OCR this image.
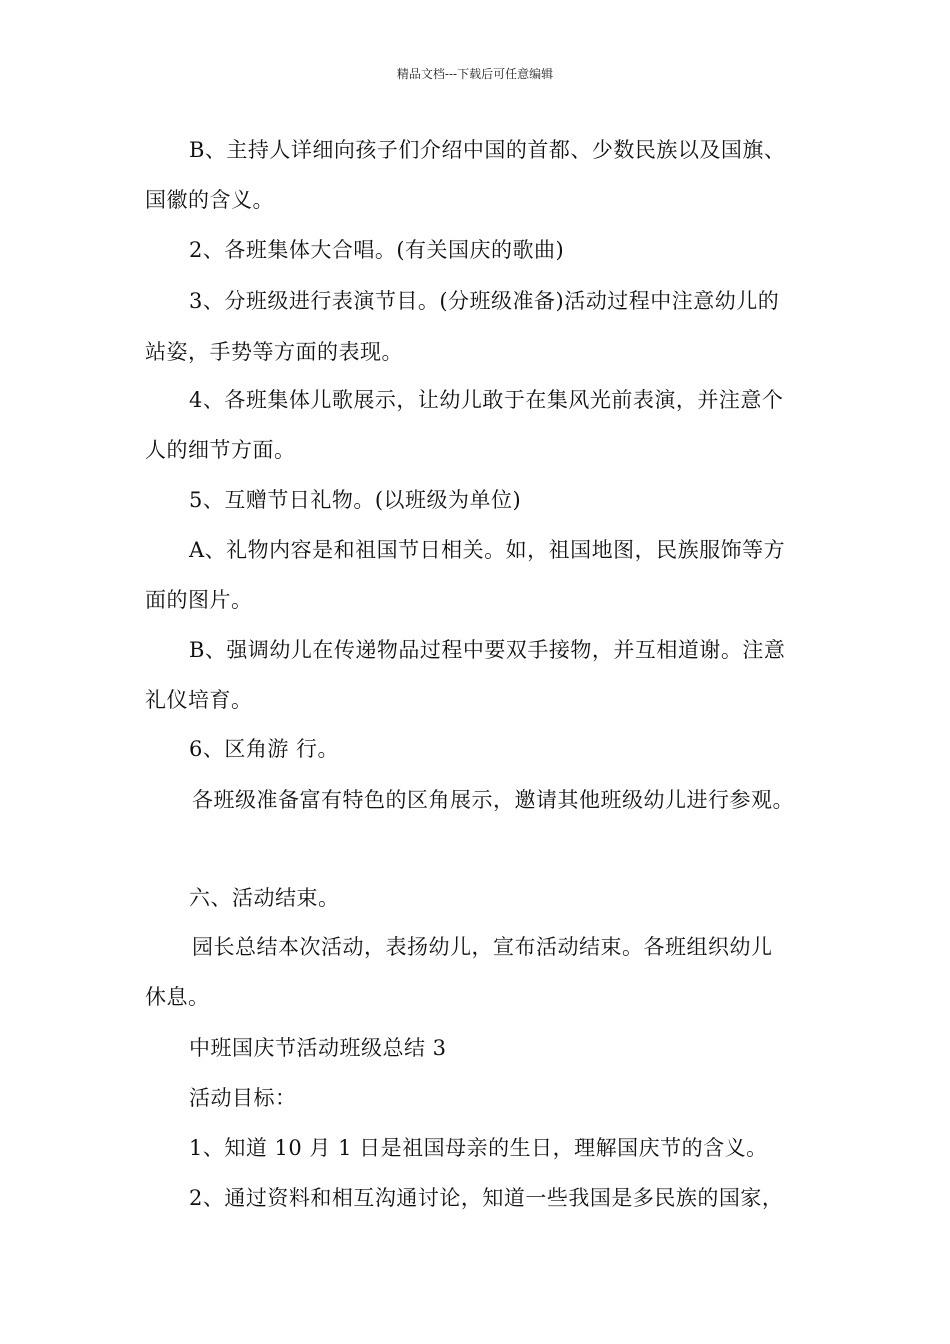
精品文档---下载后可任意编辑
B、主持人详细向孩子们介绍中国的首都、少数民族以及国旗、
国徽的含义。
2、各班集体大合唱。(有关国庆的歌曲)
3、分班级进行表演节目。(分班级准备)活动过程中注意幼儿的
站姿，手势等方面的表现。
4、各班集体儿歌展示，让幼儿敢于在集风光前表演，并注意个
人的细节方面。
5、互赠节日礼物。(以班级为单位)
A、礼物内容是和祖国节日相关。如，祖国地图，民族服饰等方
面的图片。
B、强调幼儿在传递物品过程中要双手接物，并互相道谢。注意
礼仪培育。
6、区角游 行。
各班级准备富有特色的区角展示，邀请其他班级幼儿进行参观。
六、活动结束。
园长总结本次活动，表扬幼儿，宣布活动结束。各班组织幼儿
休息。
中班国庆节活动班级总结 3
活动目标：
1、知道 10 月 1 日是祖国母亲的生日，理解国庆节的含义。
2、通过资料和相互沟通讨论，知道一些我国是多民族的国家，
